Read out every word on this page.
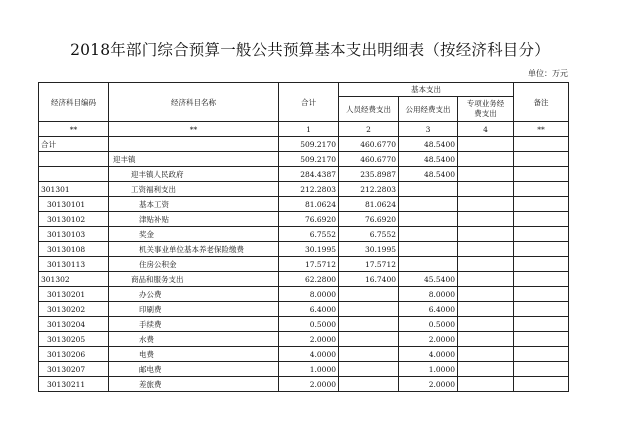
2018年部门综合预算一般公共预算基本支出明细表（按经济科目分）
单位：万元
经济科目编码	经济科目名称	合计	基本支出			备注
			人员经费支出	公用经费支出	专项业务经费支出	
**	**	1	2	3	4	**
合计		509.2170	460.6770	48.5400		
	迎丰镇	509.2170	460.6770	48.5400		
	迎丰镇人民政府	284.4387	235.8987	48.5400		
301301	工资福利支出	212.2803	212.2803			
30130101	基本工资	81.0624	81.0624			
30130102	津贴补贴	76.6920	76.6920			
30130103	奖金	6.7552	6.7552			
30130108	机关事业单位基本养老保险缴费	30.1995	30.1995			
30130113	住房公积金	17.5712	17.5712			
301302	商品和服务支出	62.2800	16.7400	45.5400		
30130201	办公费	8.0000		8.0000		
30130202	印刷费	6.4000		6.4000		
30130204	手续费	0.5000		0.5000		
30130205	水费	2.0000		2.0000		
30130206	电费	4.0000		4.0000		
30130207	邮电费	1.0000		1.0000		
30130211	差旅费	2.0000		2.0000		
